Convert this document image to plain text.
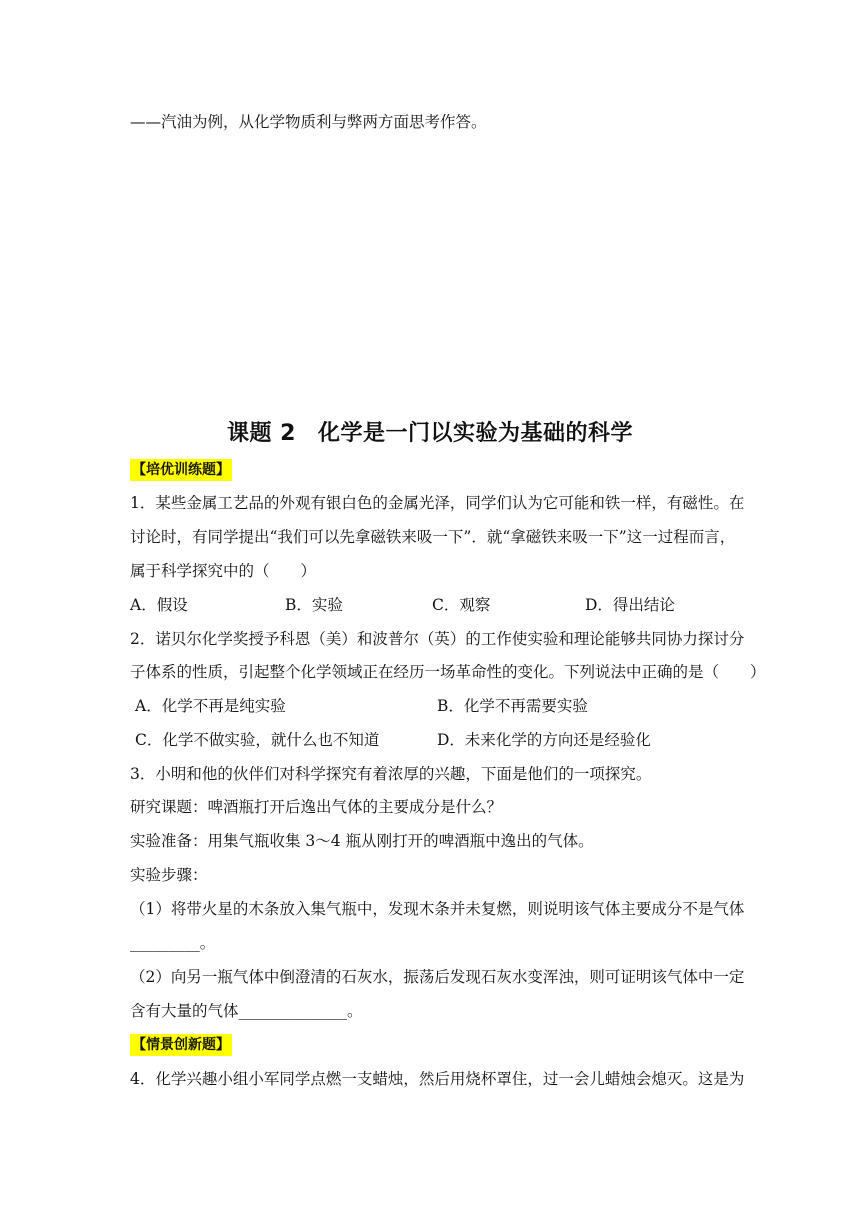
——汽油为例，从化学物质利与弊两方面思考作答。
课题 2 化学是一门以实验为基础的科学
【培优训练题】
1．某些金属工艺品的外观有银白色的金属光泽，同学们认为它可能和铁一样，有磁性。在
讨论时，有同学提出“我们可以先拿磁铁来吸一下”．就“拿磁铁来吸一下”这一过程而言，
属于科学探究中的（　　）
A．假设	B．实验	C．观察	D．得出结论
2．诺贝尔化学奖授予科恩（美）和波普尔（英）的工作使实验和理论能够共同协力探讨分
子体系的性质，引起整个化学领域正在经历一场革命性的变化。下列说法中正确的是（　　）
A．化学不再是纯实验	B．化学不再需要实验
C．化学不做实验，就什么也不知道	D．未来化学的方向还是经验化
3．小明和他的伙伴们对科学探究有着浓厚的兴趣，下面是他们的一项探究。
研究课题：啤酒瓶打开后逸出气体的主要成分是什么？
实验准备：用集气瓶收集 3～4 瓶从刚打开的啤酒瓶中逸出的气体。
实验步骤：
（1）将带火星的木条放入集气瓶中，发现木条并未复燃，则说明该气体主要成分不是气体
_________。
（2）向另一瓶气体中倒澄清的石灰水，振荡后发现石灰水变浑浊，则可证明该气体中一定
含有大量的气体______________。
【情景创新题】
4．化学兴趣小组小军同学点燃一支蜡烛，然后用烧杯罩住，过一会儿蜡烛会熄灭。这是为
